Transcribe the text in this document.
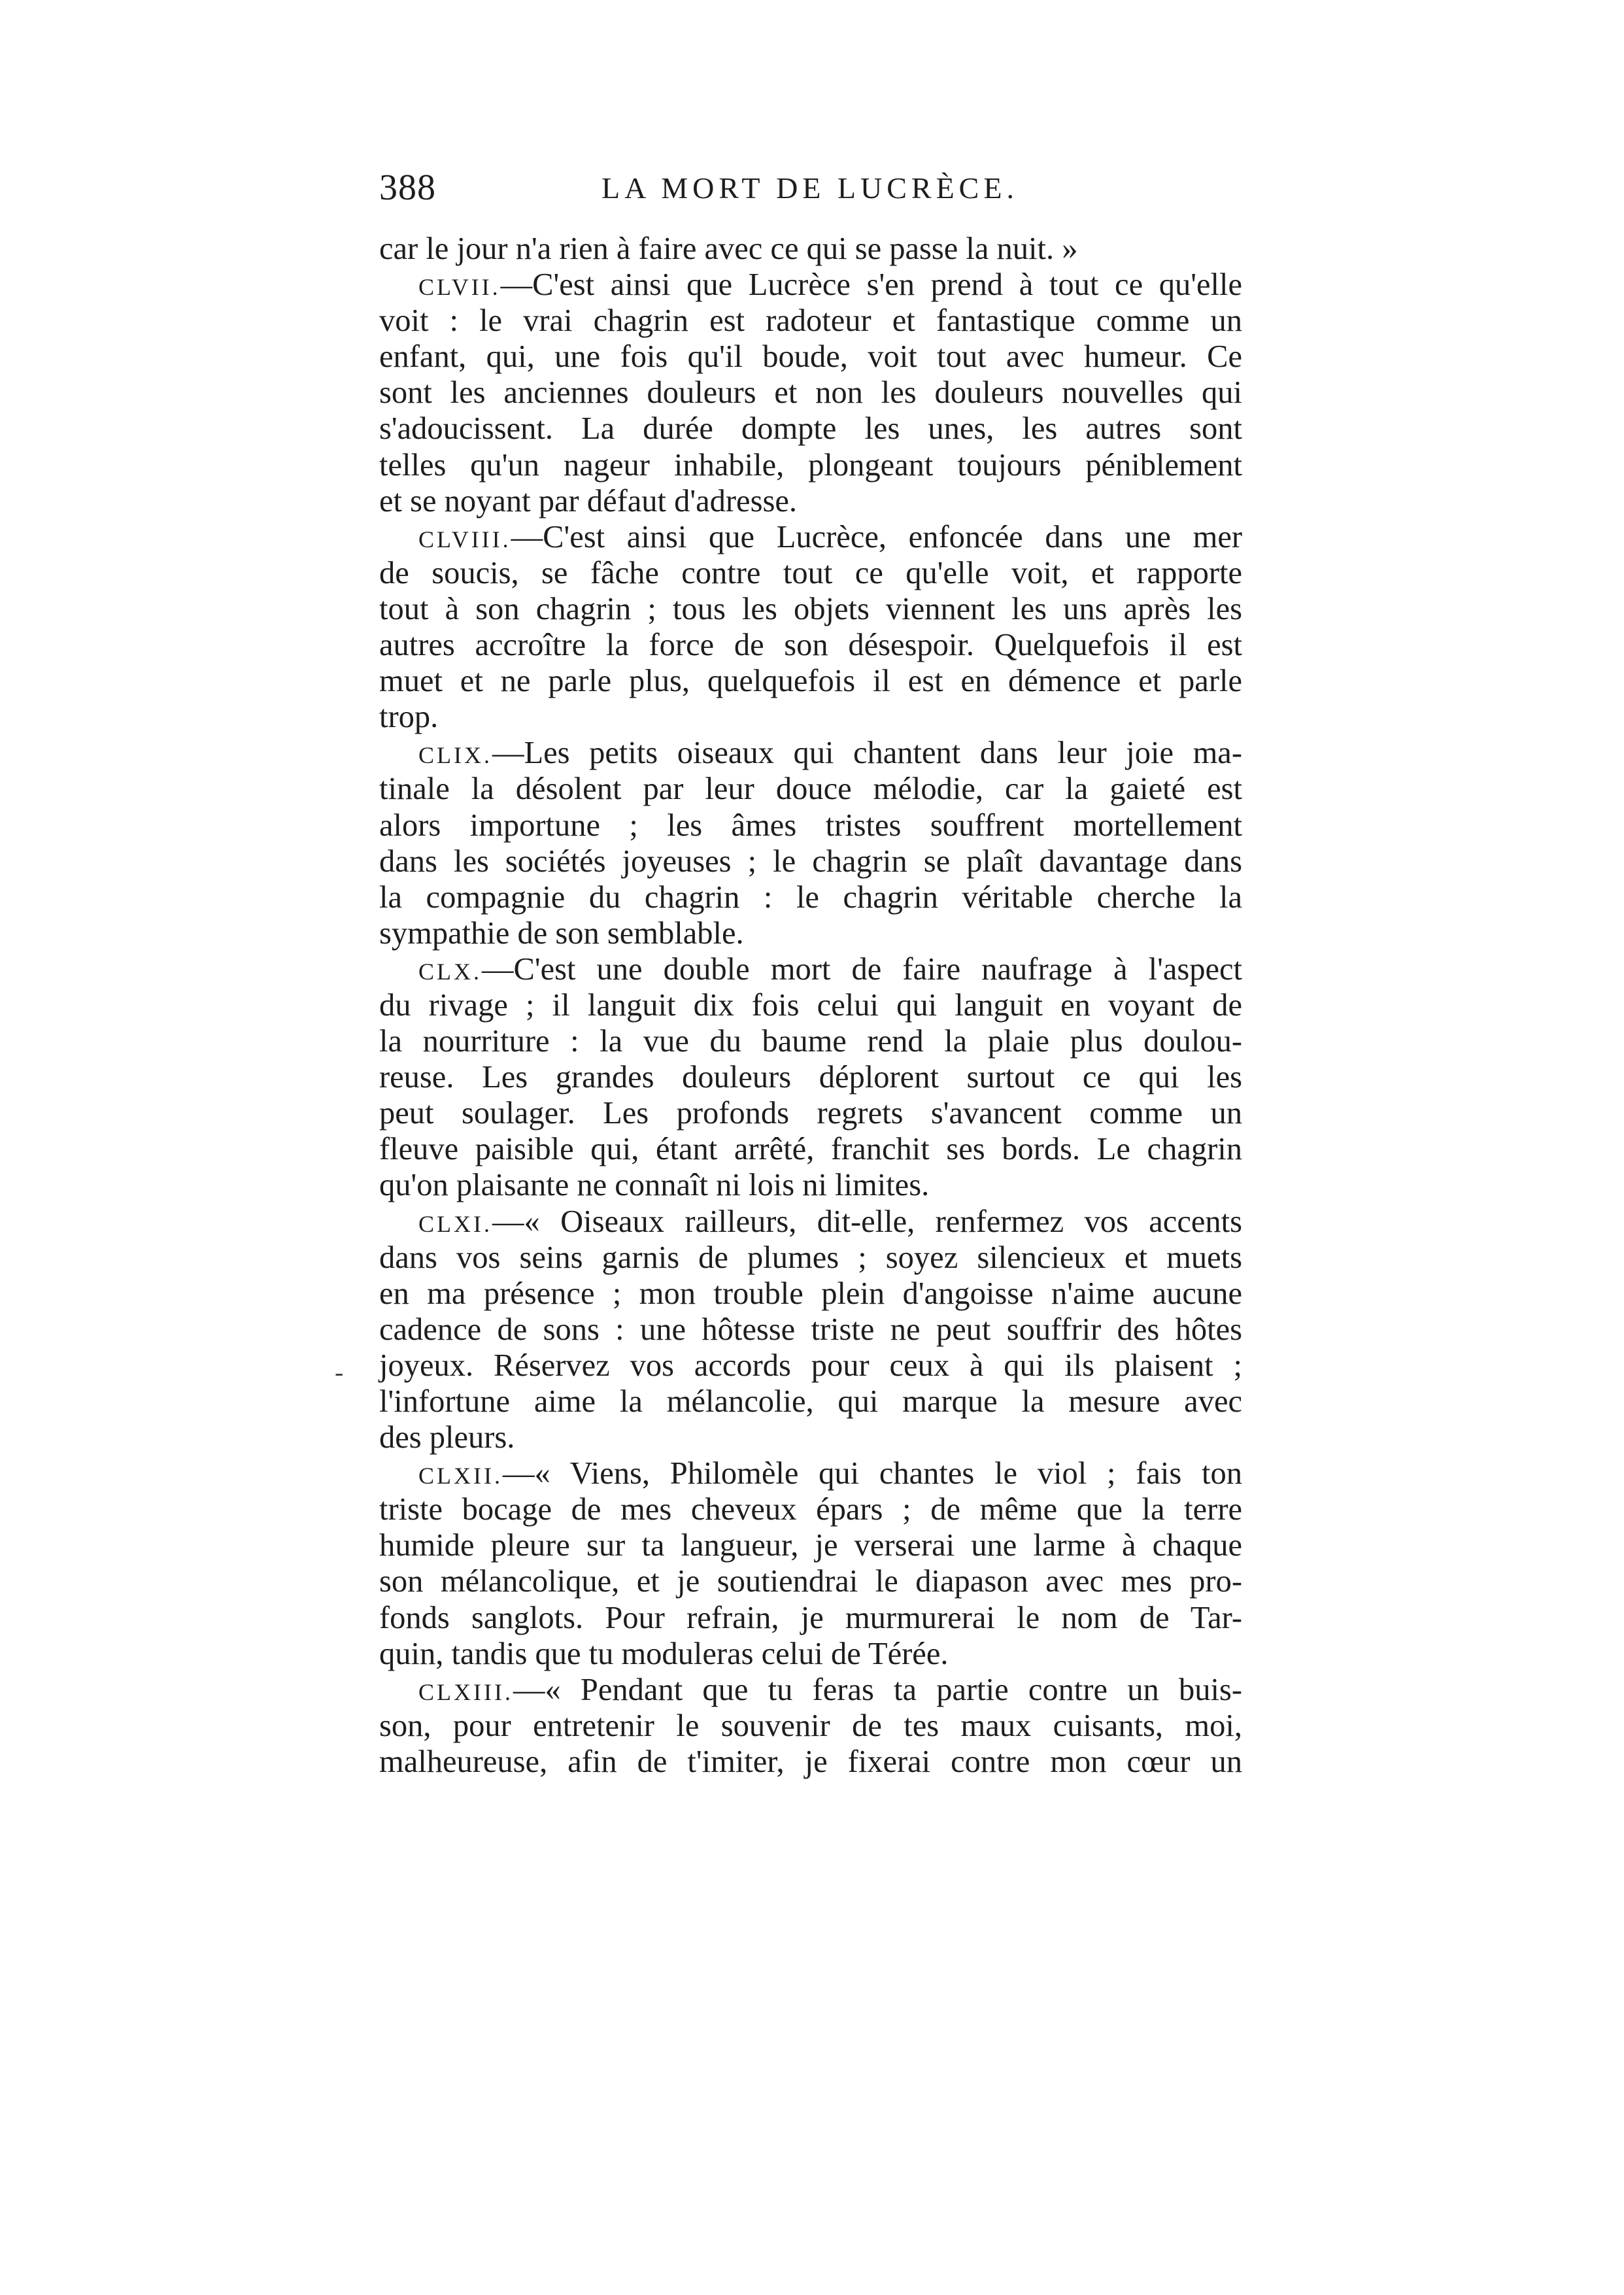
388	LA MORT DE LUCRÈCE.
car le jour n'a rien à faire avec ce qui se passe la nuit. »
CLVII.—C'est ainsi que Lucrèce s'en prend à tout ce qu'elle
voit : le vrai chagrin est radoteur et fantastique comme un
enfant, qui, une fois qu'il boude, voit tout avec humeur. Ce
sont les anciennes douleurs et non les douleurs nouvelles qui
s'adoucissent. La durée dompte les unes, les autres sont
telles qu'un nageur inhabile, plongeant toujours péniblement
et se noyant par défaut d'adresse.
CLVIII.—C'est ainsi que Lucrèce, enfoncée dans une mer
de soucis, se fâche contre tout ce qu'elle voit, et rapporte
tout à son chagrin ; tous les objets viennent les uns après les
autres accroître la force de son désespoir. Quelquefois il est
muet et ne parle plus, quelquefois il est en démence et parle
trop.
CLIX.—Les petits oiseaux qui chantent dans leur joie ma-
tinale la désolent par leur douce mélodie, car la gaieté est
alors importune ; les âmes tristes souffrent mortellement
dans les sociétés joyeuses ; le chagrin se plaît davantage dans
la compagnie du chagrin : le chagrin véritable cherche la
sympathie de son semblable.
CLX.—C'est une double mort de faire naufrage à l'aspect
du rivage ; il languit dix fois celui qui languit en voyant de
la nourriture : la vue du baume rend la plaie plus doulou-
reuse. Les grandes douleurs déplorent surtout ce qui les
peut soulager. Les profonds regrets s'avancent comme un
fleuve paisible qui, étant arrêté, franchit ses bords. Le chagrin
qu'on plaisante ne connaît ni lois ni limites.
CLXI.—« Oiseaux railleurs, dit-elle, renfermez vos accents
dans vos seins garnis de plumes ; soyez silencieux et muets
en ma présence ; mon trouble plein d'angoisse n'aime aucune
cadence de sons : une hôtesse triste ne peut souffrir des hôtes
joyeux. Réservez vos accords pour ceux à qui ils plaisent ;
l'infortune aime la mélancolie, qui marque la mesure avec
des pleurs.
CLXII.—« Viens, Philomèle qui chantes le viol ; fais ton
triste bocage de mes cheveux épars ; de même que la terre
humide pleure sur ta langueur, je verserai une larme à chaque
son mélancolique, et je soutiendrai le diapason avec mes pro-
fonds sanglots. Pour refrain, je murmurerai le nom de Tar-
quin, tandis que tu moduleras celui de Térée.
CLXIII.—« Pendant que tu feras ta partie contre un buis-
son, pour entretenir le souvenir de tes maux cuisants, moi,
malheureuse, afin de t'imiter, je fixerai contre mon cœur un
-
